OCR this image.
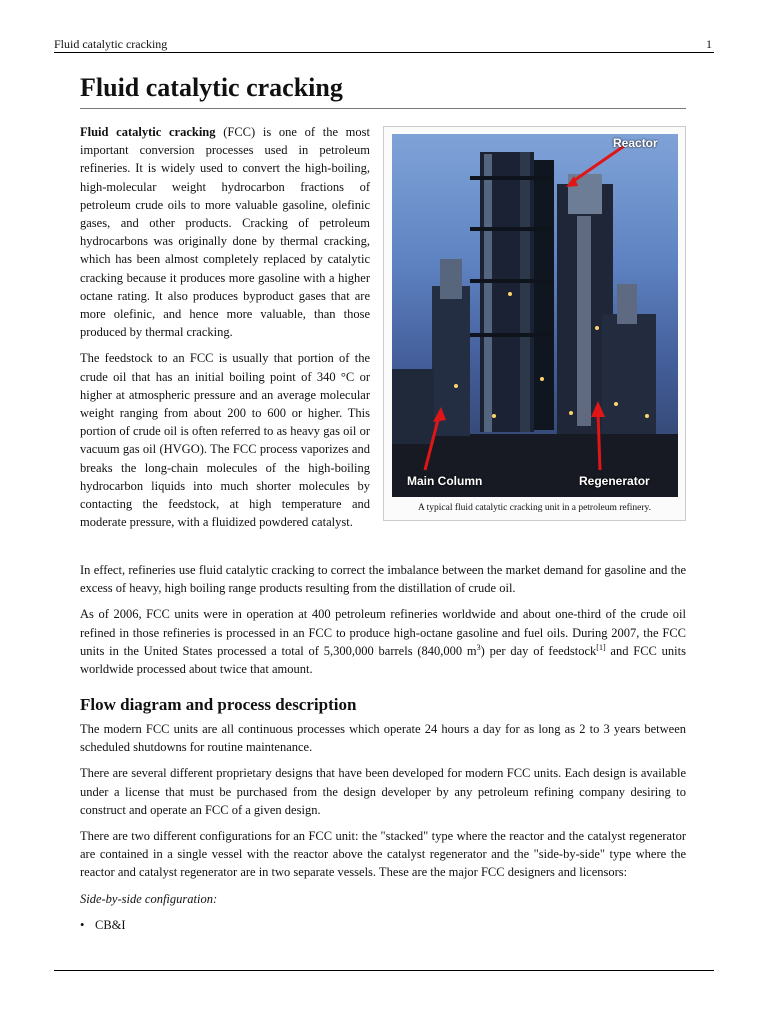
Fluid catalytic cracking	1
Fluid catalytic cracking

Fluid catalytic cracking (FCC) is one of the most important conversion processes used in petroleum refineries. It is widely used to convert the high-boiling, high-molecular weight hydrocarbon fractions of petroleum crude oils to more valuable gasoline, olefinic gases, and other products. Cracking of petroleum hydrocarbons was originally done by thermal cracking, which has been almost completely replaced by catalytic cracking because it produces more gasoline with a higher octane rating. It also produces byproduct gases that are more olefinic, and hence more valuable, than those produced by thermal cracking.

The feedstock to an FCC is usually that portion of the crude oil that has an initial boiling point of 340 °C or higher at atmospheric pressure and an average molecular weight ranging from about 200 to 600 or higher. This portion of crude oil is often referred to as heavy gas oil or vacuum gas oil (HVGO). The FCC process vaporizes and breaks the long-chain molecules of the high-boiling hydrocarbon liquids into much shorter molecules by contacting the feedstock, at high temperature and moderate pressure, with a fluidized powdered catalyst.

Reactor
Main Column	Regenerator
A typical fluid catalytic cracking unit in a petroleum refinery.

In effect, refineries use fluid catalytic cracking to correct the imbalance between the market demand for gasoline and the excess of heavy, high boiling range products resulting from the distillation of crude oil.

As of 2006, FCC units were in operation at 400 petroleum refineries worldwide and about one-third of the crude oil refined in those refineries is processed in an FCC to produce high-octane gasoline and fuel oils. During 2007, the FCC units in the United States processed a total of 5,300,000 barrels (840,000 $m^3$) per day of feedstock[1] and FCC units worldwide processed about twice that amount.

Flow diagram and process description

The modern FCC units are all continuous processes which operate 24 hours a day for as long as 2 to 3 years between scheduled shutdowns for routine maintenance.

There are several different proprietary designs that have been developed for modern FCC units. Each design is available under a license that must be purchased from the design developer by any petroleum refining company desiring to construct and operate an FCC of a given design.

There are two different configurations for an FCC unit: the "stacked" type where the reactor and the catalyst regenerator are contained in a single vessel with the reactor above the catalyst regenerator and the "side-by-side" type where the reactor and catalyst regenerator are in two separate vessels. These are the major FCC designers and licensors:

Side-by-side configuration:

• CB&I
